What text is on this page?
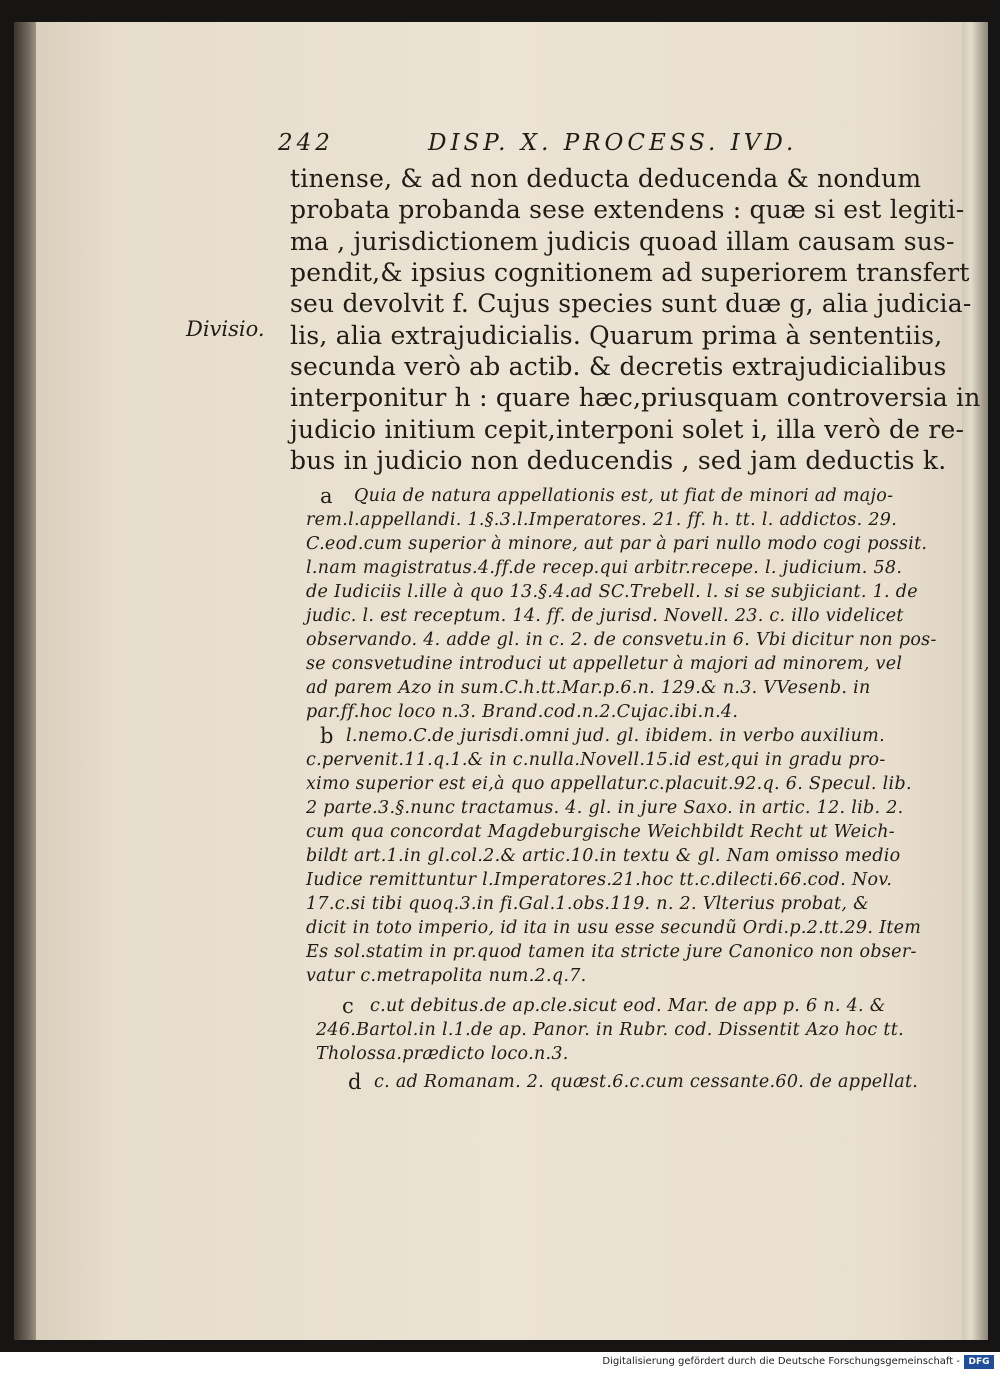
242	DISP. X. PROCESS. IVD.
Divisio.
tinense, & ad non deducta deducenda & nondum
probata probanda sese extendens : quæ si est legiti-
ma , jurisdictionem judicis quoad illam causam sus-
pendit,& ipsius cognitionem ad superiorem transfert
seu devolvit f. Cujus species sunt duæ g, alia judicia-
lis, alia extrajudicialis. Quarum prima à sententiis,
secunda verò ab actib. & decretis extrajudicialibus
interponitur h : quare hæc,priusquam controversia in
judicio initium cepit,interponi solet i, illa verò de re-
bus in judicio non deducendis , sed jam deductis k.
a Quia de natura appellationis est, ut fiat de minori ad majo-
rem.l.appellandi. 1.§.3.l.Imperatores. 21. ff. h. tt. l. addictos. 29.
C.eod.cum superior à minore, aut par à pari nullo modo cogi possit.
l.nam magistratus.4.ff.de recep.qui arbitr.recepe. l. judicium. 58.
de Iudiciis l.ille à quo 13.§.4.ad SC.Trebell. l. si se subjiciant. 1. de
judic. l. est receptum. 14. ff. de jurisd. Novell. 23. c. illo videlicet
observando. 4. adde gl. in c. 2. de consvetu.in 6. Vbi dicitur non pos-
se consvetudine introduci ut appelletur à majori ad minorem, vel
ad parem Azo in sum.C.h.tt.Mar.p.6.n. 129.& n.3. VVesenb. in
par.ff.hoc loco n.3. Brand.cod.n.2.Cujac.ibi.n.4.
b l.nemo.C.de jurisdi.omni jud. gl. ibidem. in verbo auxilium.
c.pervenit.11.q.1.& in c.nulla.Novell.15.id est,qui in gradu pro-
ximo superior est ei,à quo appellatur.c.placuit.92.q. 6. Specul. lib.
2 parte.3.§.nunc tractamus. 4. gl. in jure Saxo. in artic. 12. lib. 2.
cum qua concordat Magdeburgische Weichbildt Recht ut Weich-
bildt art.1.in gl.col.2.& artic.10.in textu & gl. Nam omisso medio
Iudice remittuntur l.Imperatores.21.hoc tt.c.dilecti.66.cod. Nov.
17.c.si tibi quoq.3.in fi.Gal.1.obs.119. n. 2. Vlterius probat, &
dicit in toto imperio, id ita in usu esse secundũ Ordi.p.2.tt.29. Item
Es sol.statim in pr.quod tamen ita stricte jure Canonico non obser-
vatur c.metrapolita num.2.q.7.
c c.ut debitus.de ap.cle.sicut eod. Mar. de app p. 6 n. 4. &
246.Bartol.in l.1.de ap. Panor. in Rubr. cod. Dissentit Azo hoc tt.
Tholossa.prædicto loco.n.3.
d c. ad Romanam. 2. quæst.6.c.cum cessante.60. de appellat.
Digitalisierung gefördert durch die Deutsche Forschungsgemeinschaft - DFG
